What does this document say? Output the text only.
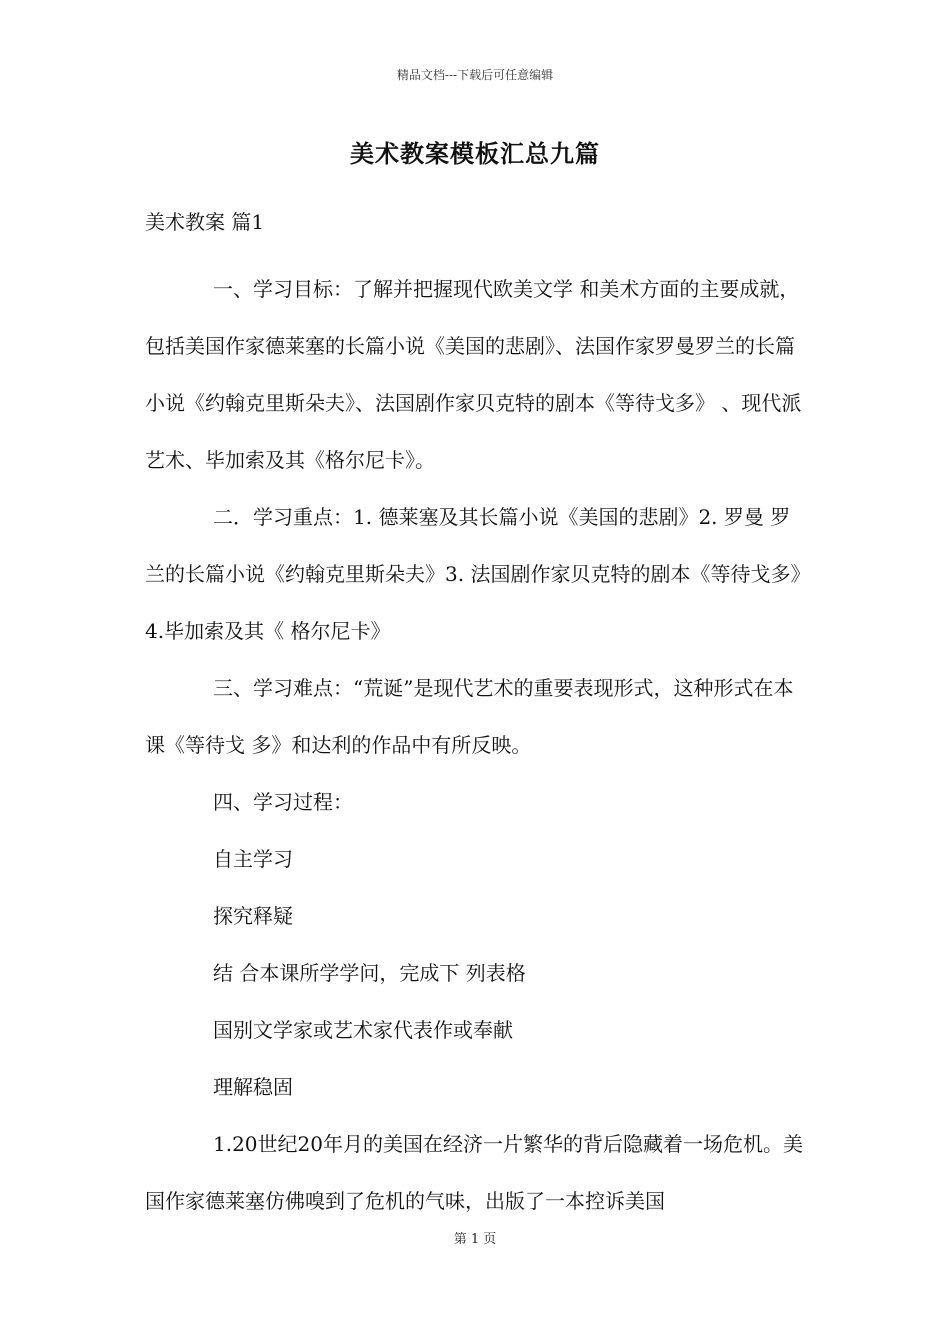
精品文档---下载后可任意编辑
美术教案模板汇总九篇
美术教案 篇1

一、学习目标：了解并把握现代欧美文学 和美术方面的主要成就，包括美国作家德莱塞的长篇小说《美国的悲剧》、法国作家罗曼罗兰的长篇小说《约翰克里斯朵夫》、法国剧作家贝克特的剧本《等待戈多》 、现代派艺术、毕加索及其《格尔尼卡》。

二．学习重点：1. 德莱塞及其长篇小说《美国的悲剧》2. 罗曼 罗兰的长篇小说《约翰克里斯朵夫》3. 法国剧作家贝克特的剧本《等待戈多》4.毕加索及其《 格尔尼卡》

三、学习难点：“荒诞”是现代艺术的重要表现形式，这种形式在本课《等待戈 多》和达利的作品中有所反映。

四、学习过程：
自主学习
探究释疑
结 合本课所学学问，完成下 列表格
国别文学家或艺术家代表作或奉献
理解稳固

1.20世纪20年月的美国在经济一片繁华的背后隐藏着一场危机。美国作家德莱塞仿佛嗅到了危机的气味，出版了一本控诉美国

第 1 页
